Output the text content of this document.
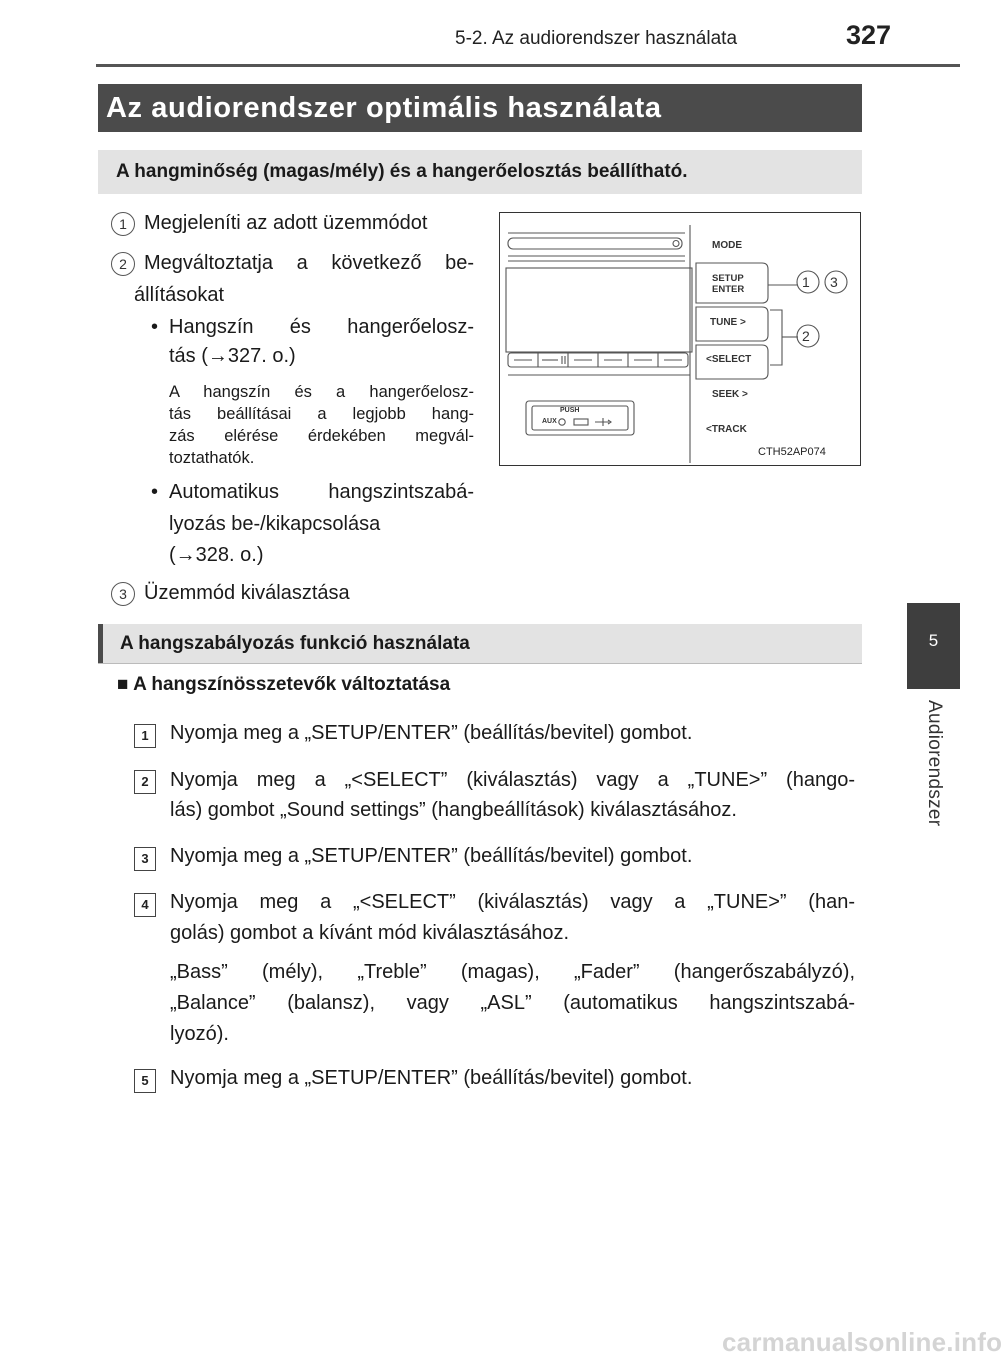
5-2. Az audiorendszer használata	327
5
Audiorendszer
Az audiorendszer optimális használata
A hangminőség (magas/mély) és a hangerőelosztás beállítható.
1 Megjeleníti az adott üzemmódot
2 Megváltoztatja a következő be-
állításokat
• Hangszín és hangerőelosz-
tás (→327. o.)
A hangszín és a hangerőelosz-
tás beállításai a legjobb hang-
zás elérése érdekében megvál-
toztathatók.
• Automatikus hangszintszabá-
lyozás be-/kikapcsolása
(→328. o.)
3 Üzemmód kiválasztása
MODE
SETUP
ENTER
TUNE >
<SELECT
SEEK >
<TRACK
PUSH
AUX
1 3
2
CTH52AP074
A hangszabályozás funkció használata
■ A hangszínösszetevők változtatása
1	Nyomja meg a „SETUP/ENTER” (beállítás/bevitel) gombot.
2	Nyomja meg a „<SELECT” (kiválasztás) vagy a „TUNE>” (hango-
lás) gombot „Sound settings” (hangbeállítások) kiválasztásához.
3	Nyomja meg a „SETUP/ENTER” (beállítás/bevitel) gombot.
4	Nyomja meg a „<SELECT” (kiválasztás) vagy a „TUNE>” (han-
golás) gombot a kívánt mód kiválasztásához.
„Bass” (mély), „Treble” (magas), „Fader” (hangerőszabályzó),
„Balance” (balansz), vagy „ASL” (automatikus hangszintszabá-
lyozó).
5	Nyomja meg a „SETUP/ENTER” (beállítás/bevitel) gombot.
carmanualsonline.info
